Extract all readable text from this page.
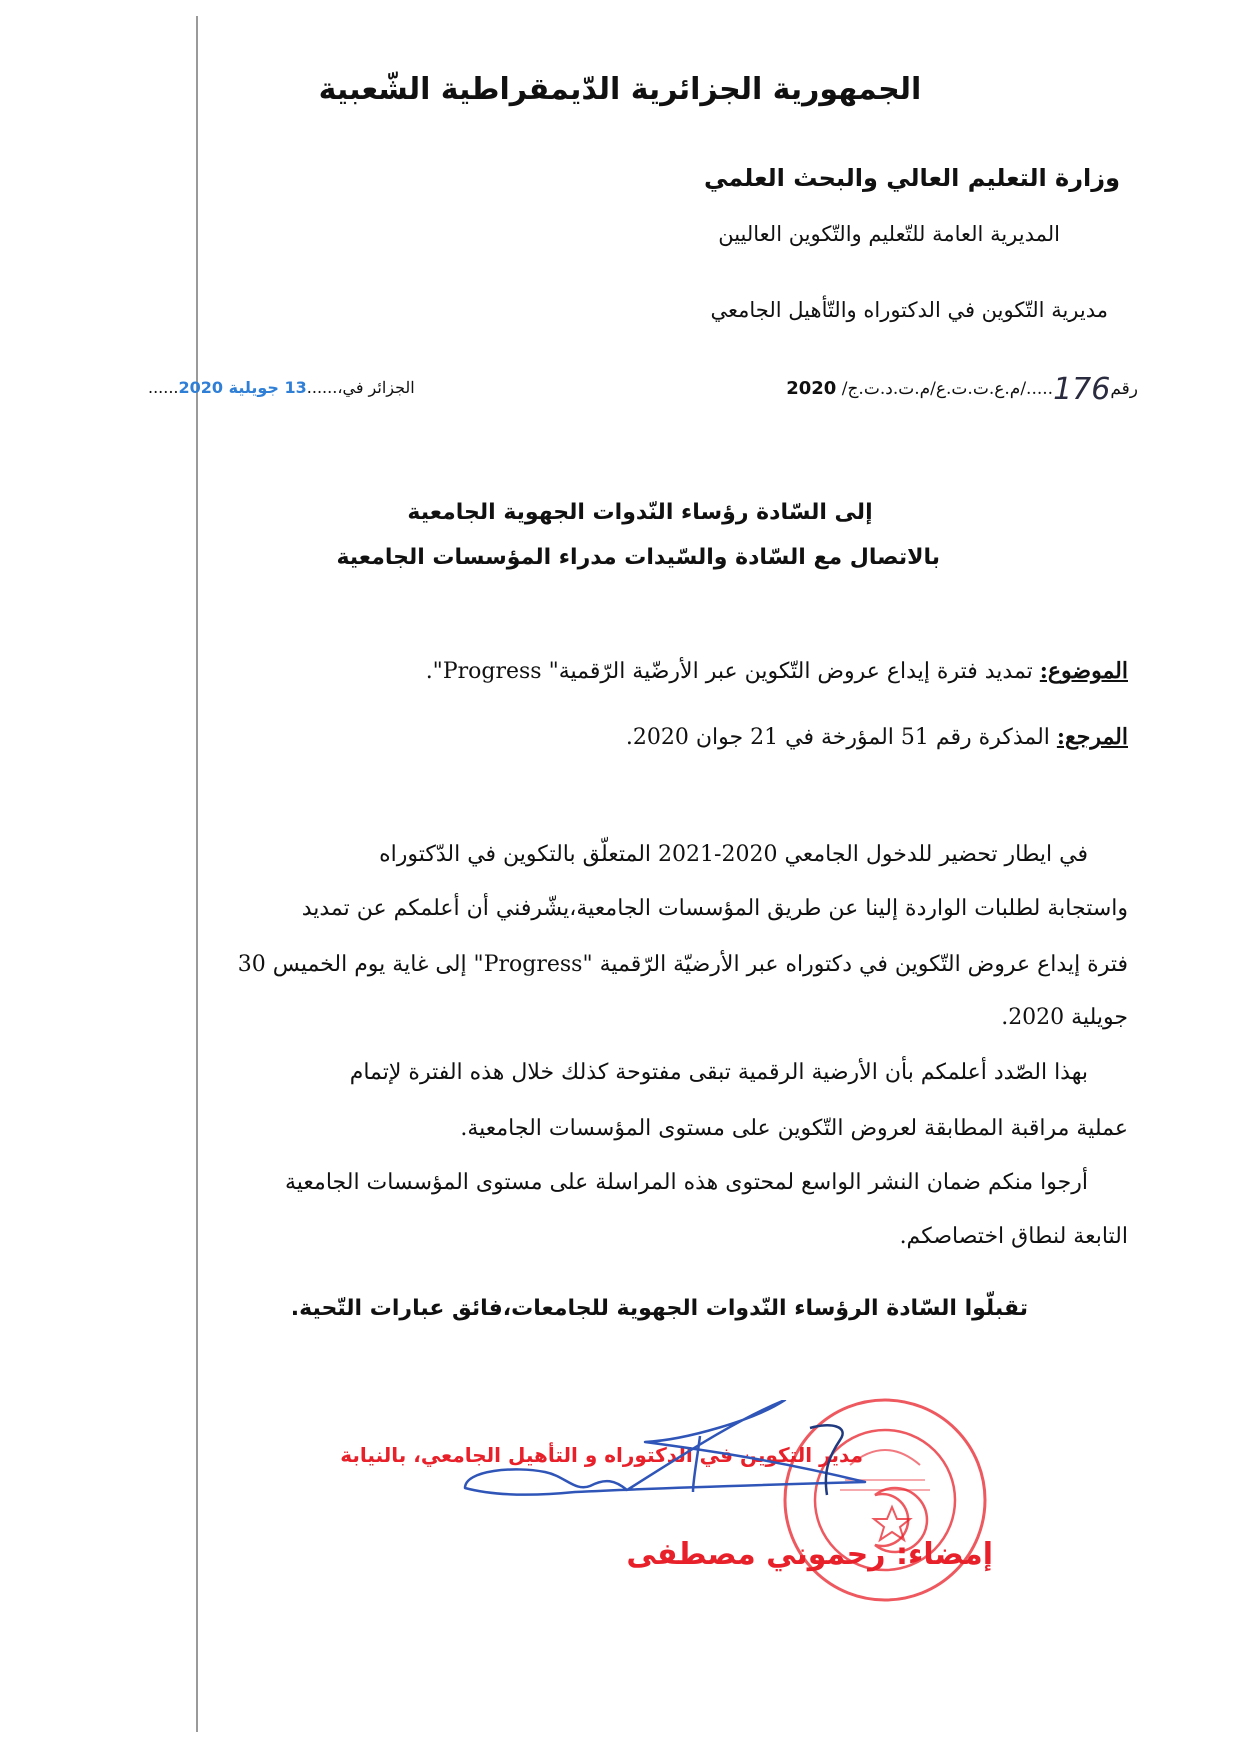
الجمهورية الجزائرية الدّيمقراطية الشّعبية
وزارة التعليم العالي والبحث العلمي
المديرية العامة للتّعليم والتّكوين العاليين
مديرية التّكوين في الدكتوراه والتّأهيل الجامعي
رقم176...../م.ع.ت.ت.ع/م.ت.د.ت.ج/ 2020
الجزائر في،......13 جويلية 2020......
إلى السّادة رؤساء النّدوات الجهوية الجامعية
بالاتصال مع السّادة والسّيدات مدراء المؤسسات الجامعية
الموضوع: تمديد فترة إيداع عروض التّكوين عبر الأرضّية الرّقمية" Progress".
المرجع: المذكرة رقم 51 المؤرخة في 21 جوان 2020.
في ايطار تحضير للدخول الجامعي 2020-2021 المتعلّق بالتكوين في الدّكتوراه
واستجابة لطلبات الواردة إلينا عن طريق المؤسسات الجامعية،يشّرفني أن أعلمكم عن تمديد
فترة إيداع عروض التّكوين في دكتوراه عبر الأرضيّة الرّقمية "Progress" إلى غاية يوم الخميس 30
جويلية 2020.
بهذا الصّدد أعلمكم بأن الأرضية الرقمية تبقى مفتوحة كذلك خلال هذه الفترة لإتمام
عملية مراقبة المطابقة لعروض التّكوين على مستوى المؤسسات الجامعية.
أرجوا منكم ضمان النشر الواسع لمحتوى هذه المراسلة على مستوى المؤسسات الجامعية
التابعة لنطاق اختصاصكم.
تقبلّوا السّادة الرؤساء النّدوات الجهوية للجامعات،فائق عبارات التّحية.
مدير التكوين في الدكتوراه و التأهيل الجامعي، بالنيابة
إمضاء: رحموني مصطفى
